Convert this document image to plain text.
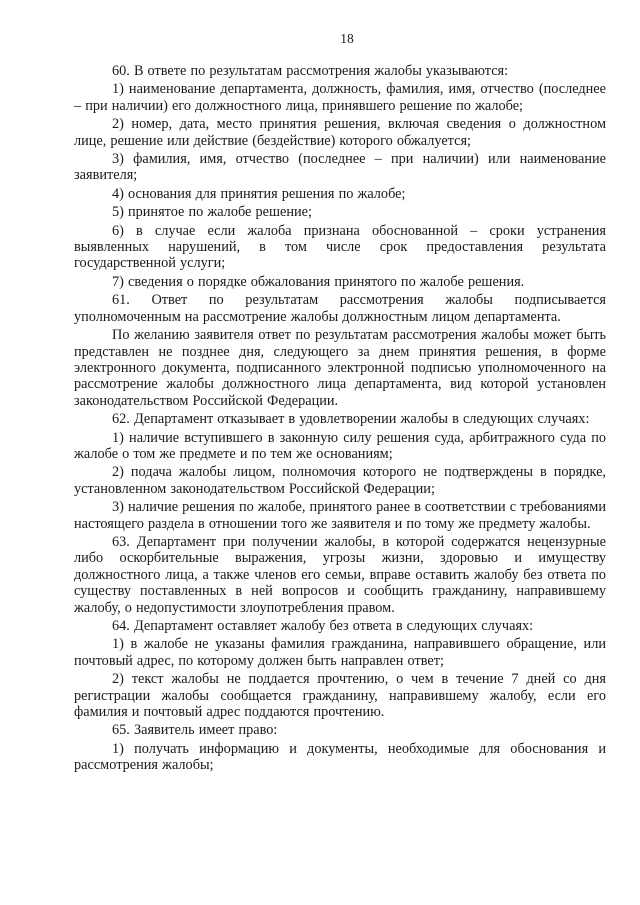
18

60. В ответе по результатам рассмотрения жалобы указываются:

1) наименование департамента, должность, фамилия, имя, отчество (последнее – при наличии) его должностного лица, принявшего решение по жалобе;

2) номер, дата, место принятия решения, включая сведения о должностном лице, решение или действие (бездействие) которого обжалуется;

3) фамилия, имя, отчество (последнее – при наличии) или наименование заявителя;

4) основания для принятия решения по жалобе;

5) принятое по жалобе решение;

6) в случае если жалоба признана обоснованной – сроки устранения выявленных нарушений, в том числе срок предоставления результата государственной услуги;

7) сведения о порядке обжалования принятого по жалобе решения.

61. Ответ по результатам рассмотрения жалобы подписывается уполномоченным на рассмотрение жалобы должностным лицом департамента.

По желанию заявителя ответ по результатам рассмотрения жалобы может быть представлен не позднее дня, следующего за днем принятия решения, в форме электронного документа, подписанного электронной подписью уполномоченного на рассмотрение жалобы должностного лица департамента, вид которой установлен законодательством Российской Федерации.

62. Департамент отказывает в удовлетворении жалобы в следующих случаях:

1) наличие вступившего в законную силу решения суда, арбитражного суда по жалобе о том же предмете и по тем же основаниям;

2) подача жалобы лицом, полномочия которого не подтверждены в порядке, установленном законодательством Российской Федерации;

3) наличие решения по жалобе, принятого ранее в соответствии с требованиями настоящего раздела в отношении того же заявителя и по тому же предмету жалобы.

63. Департамент при получении жалобы, в которой содержатся нецензурные либо оскорбительные выражения, угрозы жизни, здоровью и имуществу должностного лица, а также членов его семьи, вправе оставить жалобу без ответа по существу поставленных в ней вопросов и сообщить гражданину, направившему жалобу, о недопустимости злоупотребления правом.

64. Департамент оставляет жалобу без ответа в следующих случаях:

1) в жалобе не указаны фамилия гражданина, направившего обращение, или почтовый адрес, по которому должен быть направлен ответ;

2) текст жалобы не поддается прочтению, о чем в течение 7 дней со дня регистрации жалобы сообщается гражданину, направившему жалобу, если его фамилия и почтовый адрес поддаются прочтению.

65. Заявитель имеет право:

1) получать информацию и документы, необходимые для обоснования и рассмотрения жалобы;
